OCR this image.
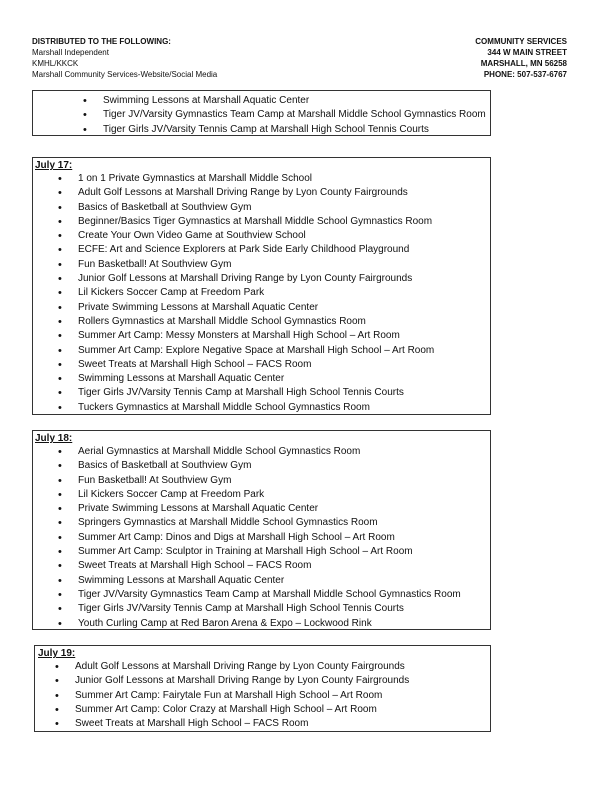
DISTRIBUTED TO THE FOLLOWING:
Marshall Independent
KMHL/KKCK
Marshall Community Services-Website/Social Media
COMMUNITY SERVICES
344 W MAIN STREET
MARSHALL, MN 56258
PHONE: 507-537-6767
• Swimming Lessons at Marshall Aquatic Center
• Tiger JV/Varsity Gymnastics Team Camp at Marshall Middle School Gymnastics Room
• Tiger Girls JV/Varsity Tennis Camp at Marshall High School Tennis Courts
July 17:
• 1 on 1 Private Gymnastics at Marshall Middle School
• Adult Golf Lessons at Marshall Driving Range by Lyon County Fairgrounds
• Basics of Basketball at Southview Gym
• Beginner/Basics Tiger Gymnastics at Marshall Middle School Gymnastics Room
• Create Your Own Video Game at Southview School
• ECFE: Art and Science Explorers at Park Side Early Childhood Playground
• Fun Basketball! At Southview Gym
• Junior Golf Lessons at Marshall Driving Range by Lyon County Fairgrounds
• Lil Kickers Soccer Camp at Freedom Park
• Private Swimming Lessons at Marshall Aquatic Center
• Rollers Gymnastics at Marshall Middle School Gymnastics Room
• Summer Art Camp: Messy Monsters at Marshall High School – Art Room
• Summer Art Camp: Explore Negative Space at Marshall High School – Art Room
• Sweet Treats at Marshall High School – FACS Room
• Swimming Lessons at Marshall Aquatic Center
• Tiger Girls JV/Varsity Tennis Camp at Marshall High School Tennis Courts
• Tuckers Gymnastics at Marshall Middle School Gymnastics Room
July 18:
• Aerial Gymnastics at Marshall Middle School Gymnastics Room
• Basics of Basketball at Southview Gym
• Fun Basketball! At Southview Gym
• Lil Kickers Soccer Camp at Freedom Park
• Private Swimming Lessons at Marshall Aquatic Center
• Springers Gymnastics at Marshall Middle School Gymnastics Room
• Summer Art Camp: Dinos and Digs at Marshall High School – Art Room
• Summer Art Camp: Sculptor in Training at Marshall High School – Art Room
• Sweet Treats at Marshall High School – FACS Room
• Swimming Lessons at Marshall Aquatic Center
• Tiger JV/Varsity Gymnastics Team Camp at Marshall Middle School Gymnastics Room
• Tiger Girls JV/Varsity Tennis Camp at Marshall High School Tennis Courts
• Youth Curling Camp at Red Baron Arena & Expo – Lockwood Rink
July 19:
• Adult Golf Lessons at Marshall Driving Range by Lyon County Fairgrounds
• Junior Golf Lessons at Marshall Driving Range by Lyon County Fairgrounds
• Summer Art Camp: Fairytale Fun at Marshall High School – Art Room
• Summer Art Camp: Color Crazy at Marshall High School – Art Room
• Sweet Treats at Marshall High School – FACS Room
